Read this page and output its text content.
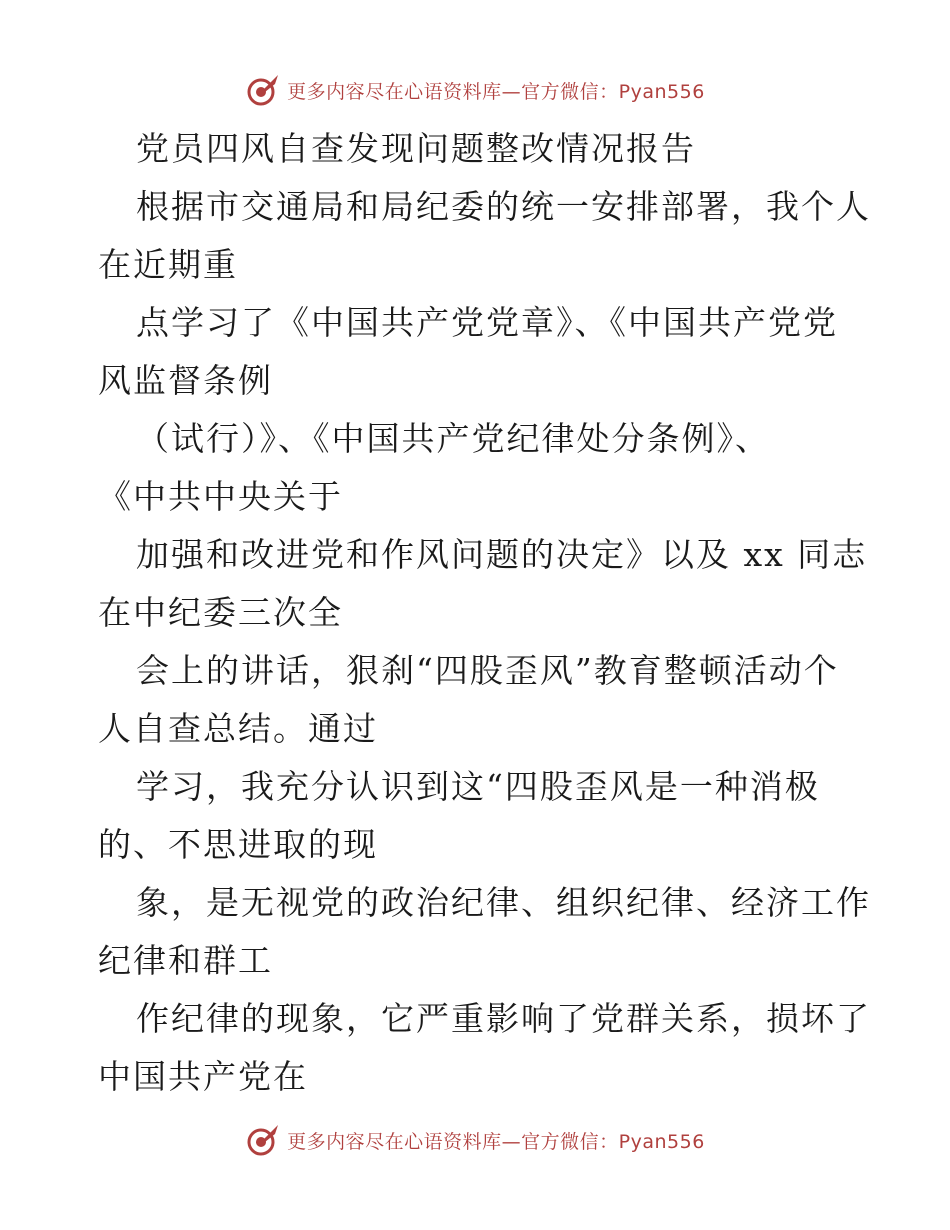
更多内容尽在心语资料库—官方微信：Pyan556
党员四风自查发现问题整改情况报告
根据市交通局和局纪委的统一安排部署，我个人
在近期重
点学习了《中国共产党党章》、《中国共产党党
风监督条例
（试行）》、《中国共产党纪律处分条例》、
《中共中央关于
加强和改进党和作风问题的决定》以及 xx 同志
在中纪委三次全
会上的讲话，狠刹“四股歪风”教育整顿活动个
人自查总结。通过
学习，我充分认识到这“四股歪风是一种消极
的、不思进取的现
象，是无视党的政治纪律、组织纪律、经济工作
纪律和群工
作纪律的现象，它严重影响了党群关系，损坏了
中国共产党在
更多内容尽在心语资料库—官方微信：Pyan556
